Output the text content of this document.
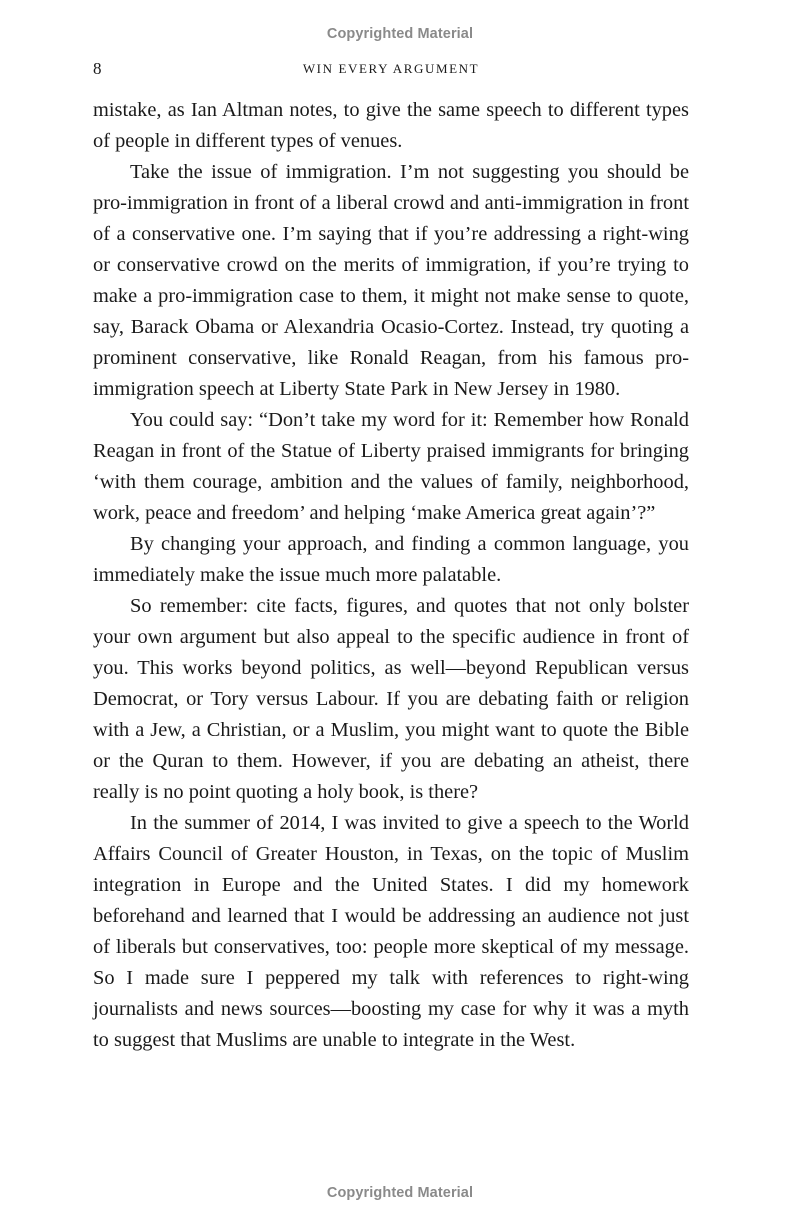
Copyrighted Material
8	WIN EVERY ARGUMENT

mistake, as Ian Altman notes, to give the same speech to different types of people in different types of venues.

Take the issue of immigration. I’m not suggesting you should be pro-immigration in front of a liberal crowd and anti-immigration in front of a conservative one. I’m saying that if you’re addressing a right-wing or conservative crowd on the merits of immigration, if you’re trying to make a pro-immigration case to them, it might not make sense to quote, say, Barack Obama or Alexandria Ocasio-Cortez. Instead, try quoting a prominent conservative, like Ronald Reagan, from his famous pro-immigration speech at Liberty State Park in New Jersey in 1980.

You could say: “Don’t take my word for it: Remember how Ronald Reagan in front of the Statue of Liberty praised immigrants for bringing ‘with them courage, ambition and the values of family, neighborhood, work, peace and freedom’ and helping ‘make America great again’?”

By changing your approach, and finding a common language, you immediately make the issue much more palatable.

So remember: cite facts, figures, and quotes that not only bolster your own argument but also appeal to the specific audience in front of you. This works beyond politics, as well—beyond Republican versus Democrat, or Tory versus Labour. If you are debating faith or religion with a Jew, a Christian, or a Muslim, you might want to quote the Bible or the Quran to them. However, if you are debating an atheist, there really is no point quoting a holy book, is there?

In the summer of 2014, I was invited to give a speech to the World Affairs Council of Greater Houston, in Texas, on the topic of Muslim integration in Europe and the United States. I did my homework beforehand and learned that I would be addressing an audience not just of liberals but conservatives, too: people more skeptical of my message. So I made sure I peppered my talk with references to right-wing journalists and news sources—boosting my case for why it was a myth to suggest that Muslims are unable to integrate in the West.

Copyrighted Material
